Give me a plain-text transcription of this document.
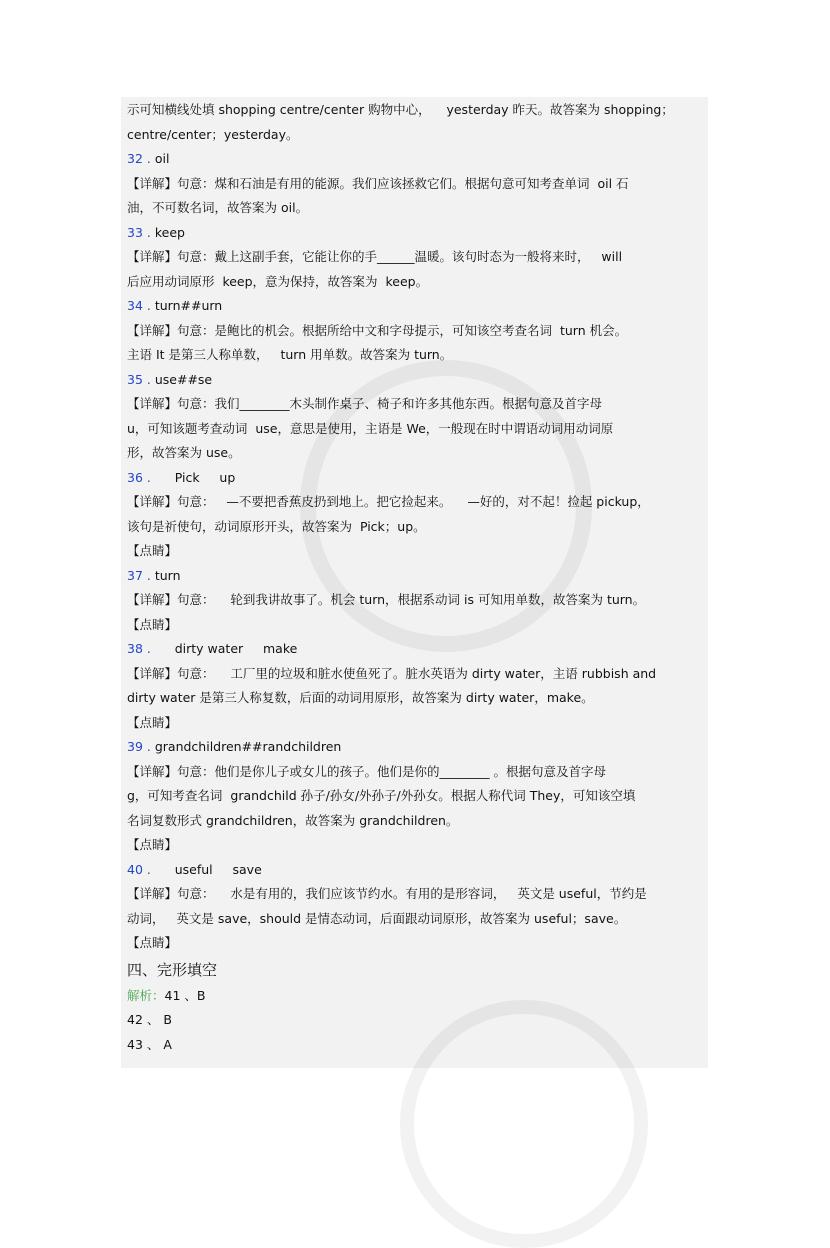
示可知横线处填 shopping centre/center 购物中心，    yesterday 昨天。故答案为 shopping；
centre/center；yesterday。
32 . oil
【详解】句意：煤和石油是有用的能源。我们应该拯救它们。根据句意可知考查单词  oil 石
油，不可数名词，故答案为 oil。
33 . keep
【详解】句意：戴上这副手套，它能让你的手______温暖。该句时态为一般将来时，   will
后应用动词原形  keep，意为保持，故答案为  keep。
34 . turn##urn
【详解】句意：是鲍比的机会。根据所给中文和字母提示，可知该空考查名词  turn 机会。
主语 It 是第三人称单数，   turn 用单数。故答案为 turn。
35 . use##se
【详解】句意：我们________木头制作桌子、椅子和许多其他东西。根据句意及首字母
u，可知该题考查动词  use，意思是使用，主语是 We，一般现在时中谓语动词用动词原
形，故答案为 use。
36 .      Pick     up
【详解】句意：   —不要把香蕉皮扔到地上。把它捡起来。    —好的，对不起！捡起 pickup，
该句是祈使句，动词原形开头，故答案为  Pick；up。
【点睛】
37 . turn
【详解】句意：    轮到我讲故事了。机会 turn，根据系动词 is 可知用单数，故答案为 turn。
【点睛】
38 .      dirty water     make
【详解】句意：    工厂里的垃圾和脏水使鱼死了。脏水英语为 dirty water，主语 rubbish and
dirty water 是第三人称复数，后面的动词用原形，故答案为 dirty water，make。
【点睛】
39 . grandchildren##randchildren
【详解】句意：他们是你儿子或女儿的孩子。他们是你的________ 。根据句意及首字母
g，可知考查名词  grandchild 孙子/孙女/外孙子/外孙女。根据人称代词 They，可知该空填
名词复数形式 grandchildren，故答案为 grandchildren。
【点睛】
40 .      useful     save
【详解】句意：    水是有用的，我们应该节约水。有用的是形容词，   英文是 useful，节约是
动词，   英文是 save，should 是情态动词，后面跟动词原形，故答案为 useful；save。
【点睛】
四、完形填空
解析：41 、B
42 、 B
43 、 A
